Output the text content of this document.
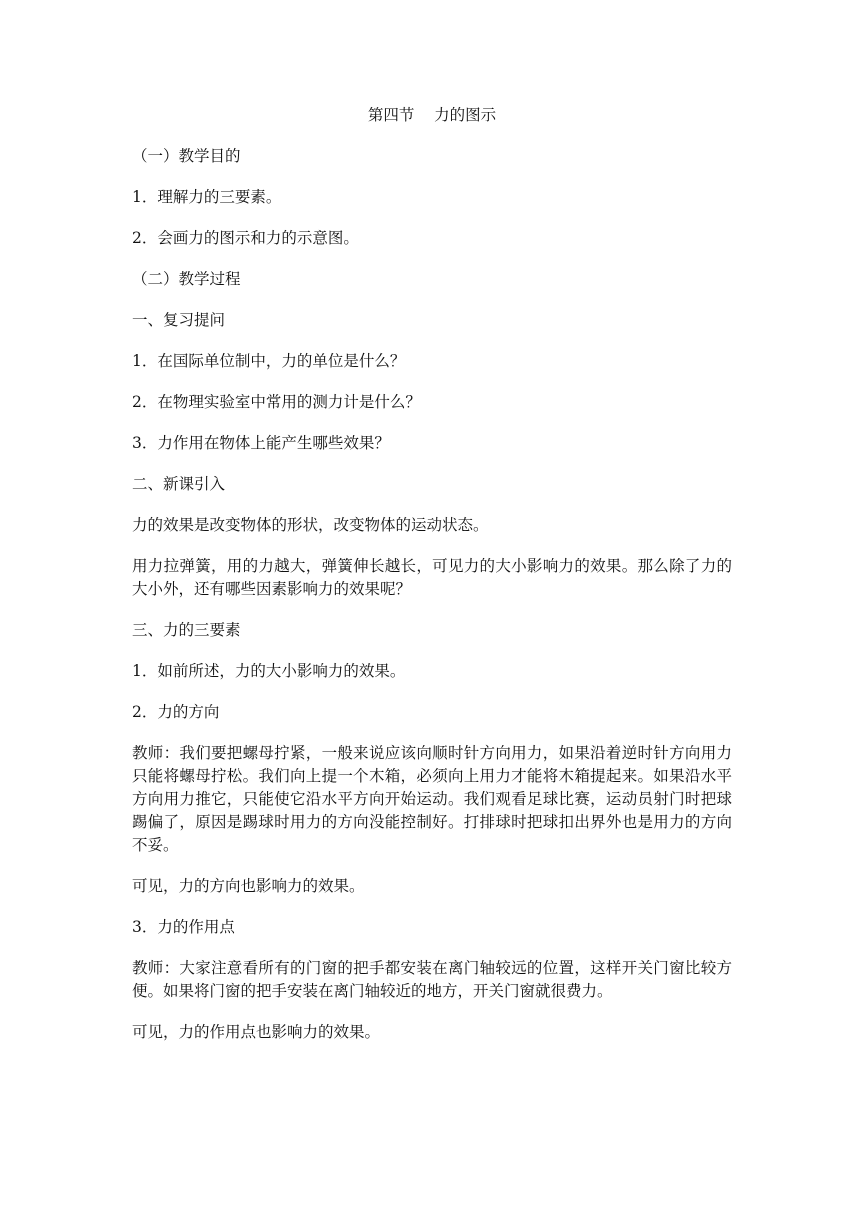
第四节    力的图示

（一）教学目的

1．理解力的三要素。

2．会画力的图示和力的示意图。

（二）教学过程

一、复习提问

1．在国际单位制中，力的单位是什么？

2．在物理实验室中常用的测力计是什么？

3．力作用在物体上能产生哪些效果？

二、新课引入

力的效果是改变物体的形状，改变物体的运动状态。

用力拉弹簧，用的力越大，弹簧伸长越长，可见力的大小影响力的效果。那么除了力的大小外，还有哪些因素影响力的效果呢？

三、力的三要素

1．如前所述，力的大小影响力的效果。

2．力的方向

教师：我们要把螺母拧紧，一般来说应该向顺时针方向用力，如果沿着逆时针方向用力只能将螺母拧松。我们向上提一个木箱，必须向上用力才能将木箱提起来。如果沿水平方向用力推它，只能使它沿水平方向开始运动。我们观看足球比赛，运动员射门时把球踢偏了，原因是踢球时用力的方向没能控制好。打排球时把球扣出界外也是用力的方向不妥。

可见，力的方向也影响力的效果。

3．力的作用点

教师：大家注意看所有的门窗的把手都安装在离门轴较远的位置，这样开关门窗比较方便。如果将门窗的把手安装在离门轴较近的地方，开关门窗就很费力。

可见，力的作用点也影响力的效果。
